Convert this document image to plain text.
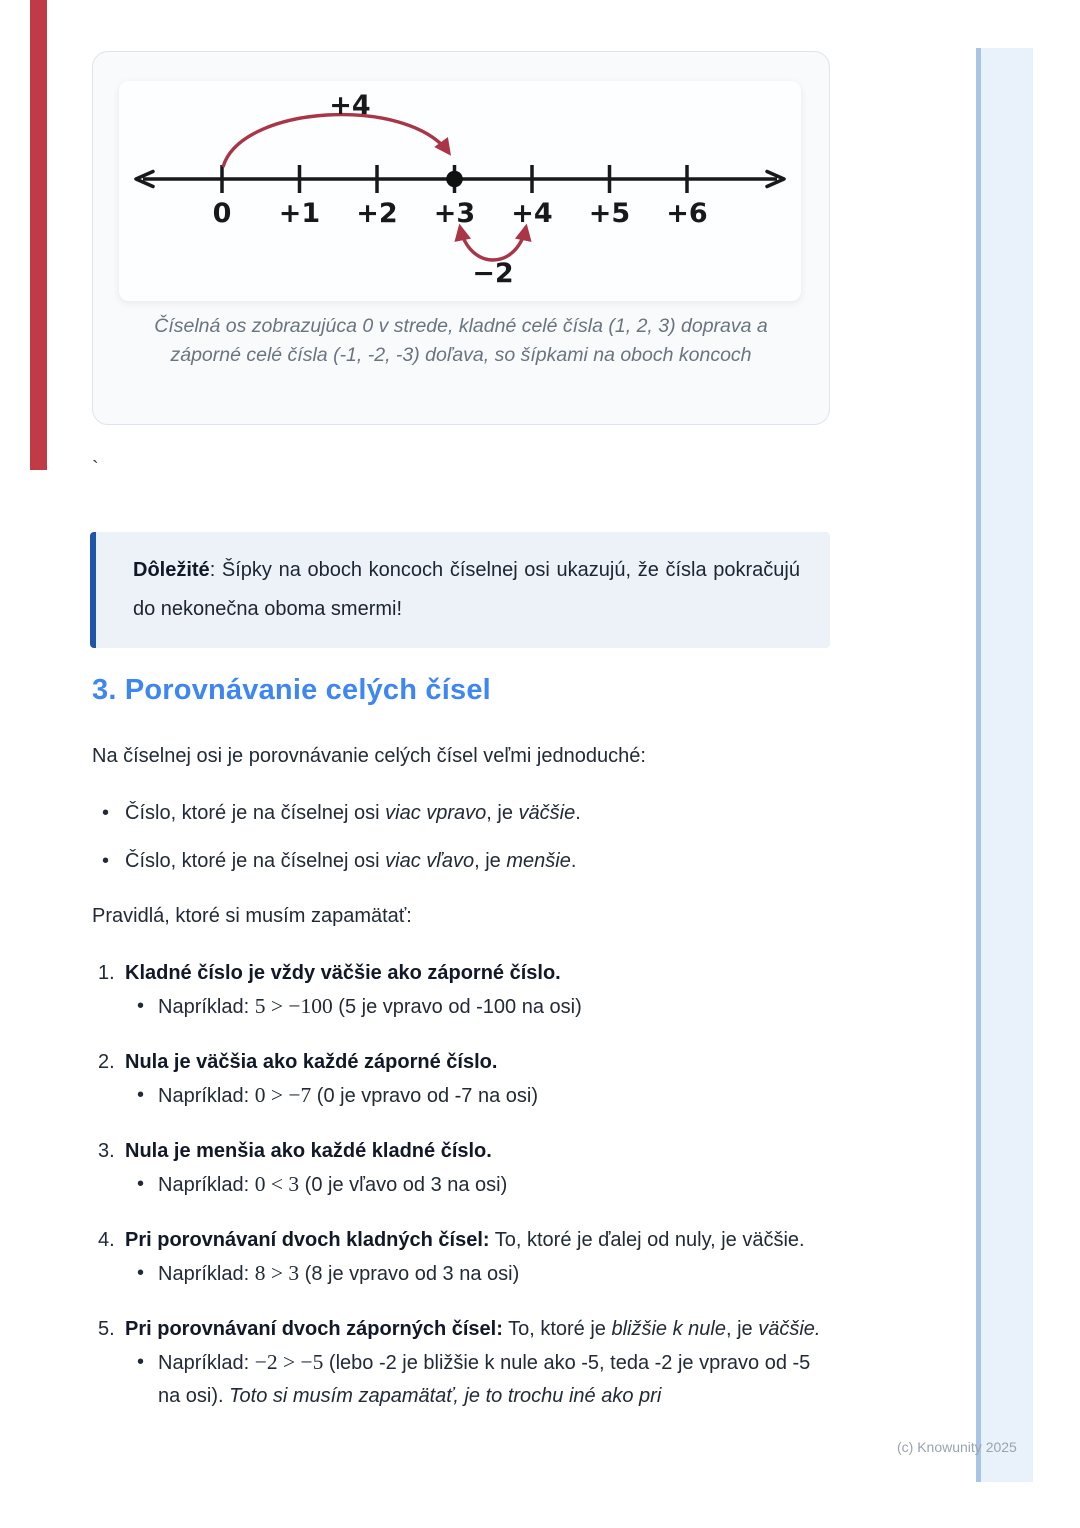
0 +1 +2 +3 +4 +5 +6
+4
−2
Číselná os zobrazujúca 0 v strede, kladné celé čísla (1, 2, 3) doprava a
záporné celé čísla (-1, -2, -3) doľava, so šípkami na oboch koncoch
`
Dôležité: Šípky na oboch koncoch číselnej osi ukazujú, že čísla pokračujú do nekonečna oboma smermi!
3. Porovnávanie celých čísel
Na číselnej osi je porovnávanie celých čísel veľmi jednoduché:
• Číslo, ktoré je na číselnej osi viac vpravo, je väčšie.
• Číslo, ktoré je na číselnej osi viac vľavo, je menšie.
Pravidlá, ktoré si musím zapamätať:
1. Kladné číslo je vždy väčšie ako záporné číslo.
• Napríklad: 5 > −100 (5 je vpravo od -100 na osi)
2. Nula je väčšia ako každé záporné číslo.
• Napríklad: 0 > −7 (0 je vpravo od -7 na osi)
3. Nula je menšia ako každé kladné číslo.
• Napríklad: 0 < 3 (0 je vľavo od 3 na osi)
4. Pri porovnávaní dvoch kladných čísel: To, ktoré je ďalej od nuly, je väčšie.
• Napríklad: 8 > 3 (8 je vpravo od 3 na osi)
5. Pri porovnávaní dvoch záporných čísel: To, ktoré je bližšie k nule, je väčšie.
• Napríklad: −2 > −5 (lebo -2 je bližšie k nule ako -5, teda -2 je vpravo od -5 na osi). Toto si musím zapamätať, je to trochu iné ako pri
(c) Knowunity 2025
